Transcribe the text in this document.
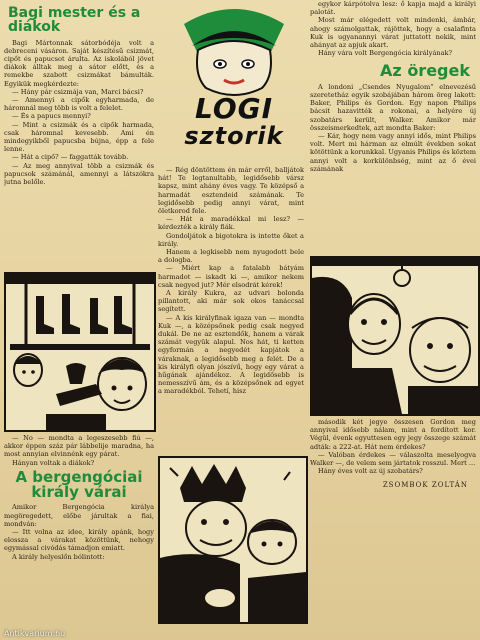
Bagi mester és a diákok

Bagi Mártonnak sátorbódéja volt a debreceni vásáron. Saját készítésű csizmát, cipőt és papucsot árulta. Az iskolából jövet diákok álltak meg a sátor előtt, és a remekbe szabott csizmákat bámulták. Egyikük megkérdezte:

— Hány pár csizmája van, Marci bácsi?

— Amennyi a cipők egyharmada, de háromnál meg több is volt a felelet.

— És a papucs mennyi?

— Mint a csizmák és a cipők harmada, csak háromnal kevesebb. Ami én mindegyikből papucsba bújna, épp a fele lenne.

— Hát a cipő? — faggatták tovább.

— Az meg annyival több a csizmák és papucsok számánál, amennyi a látszókra jutna belőle.

— No — mondta a legeszesebb fiú —, akkor éppen száz pár lábbelije maradna, ha most annyian elvinnénk egy párat.

Hányan voltak a diákok?

A bergengóciai király várai

Amikor Bergengócia királya megöregedett, előbe járultak a fiai, mondván:

— Itt volna az idee, király apánk, hogy elossza a várakat közöttünk, nehogy egymással civódás támadjon emiatt.

A király helyeslőn bólintott:

LOGI
sztorik

— Rég döntöttem én már erről, balljátok hát! Te legtanultabb, legidősebb vársz kapsz, mint ahány éves vagy. Te középső a harmadát esztendeid számának. Te legidősebb pedig annyi várat, mint öletkorod fele.

— Hát a maradékkal mi lesz? — kérdezték a király fiák.

Gondoljátok a bigotokra is intette őket a király.

Hanem a legkisebb nem nyugodott bele a dologba.

— Miért kap a fatalabb bátyám harmadot — iskadt ki —, amikor nekem csak negyed jut? Mér elsodrát kérek!

A király Kukra, az udvari bolonda pillantott, aki már sok okos tanáccsal segített.

— A kis királyfinak igaza van — mondta Kuk —, a középsőnek pedig csak negyed dukál. De ne az esztendők, hanem a várak számát vegyük alapul. Nos hát, ti ketten egyformán a negyedét kapjátok a váraknak, a legidősebb meg a felét. De a kis királyfi olyan jószívű, hogy egy várat a hűgának ajándékoz. A legidősebb is nemesszívű ám, és a középsőnek ad egyet a maradékból. Tehetí, hisz

egykor kárpótolva lesz: ő kapja majd a királyi palotát.

Most már elégedett volt mindenki, ámbár, ahogy számolgattak, rájöttek, hogy a csalafinta Kuk is ugyanannyi várat juttatott nekik, mint ahányat az apjuk akart.

Hány vára volt Bergengócia királyának?

Az öregek

A londoni „Csendes Nyugalom” elnevezésű szeretetház egyik szobájában három öreg lakott: Baker, Philips és Gordon. Egy napon Philips bácsit hazavitték a rokonai, a helyére új szobatárs került, Walker. Amikor már összeismerkedtek, azt mondta Baker:

— Kár, hogy nem vagy annyi idős, mint Philips volt. Mert mi hárman az elmúlt években sokat kötöttünk a korunkkal. Ugyanis Philips és köztem annyi volt a korkülönbség, mint az ő évei számának

második két jegye összesen Gordon meg annyival idősebb nálam, mint a fordított kor. Végül, évenk egyuttesen egy jegy összege számát adták: a 222-at. Hát nem érdekes?

— Valóban érdekes — válaszolta meselyogva Walker —, de velem sem jártatok rosszul. Mert ...

Hány éves volt az új szobatárs?

ZSOMBOK ZOLTÁN
Antikvarium.hu
